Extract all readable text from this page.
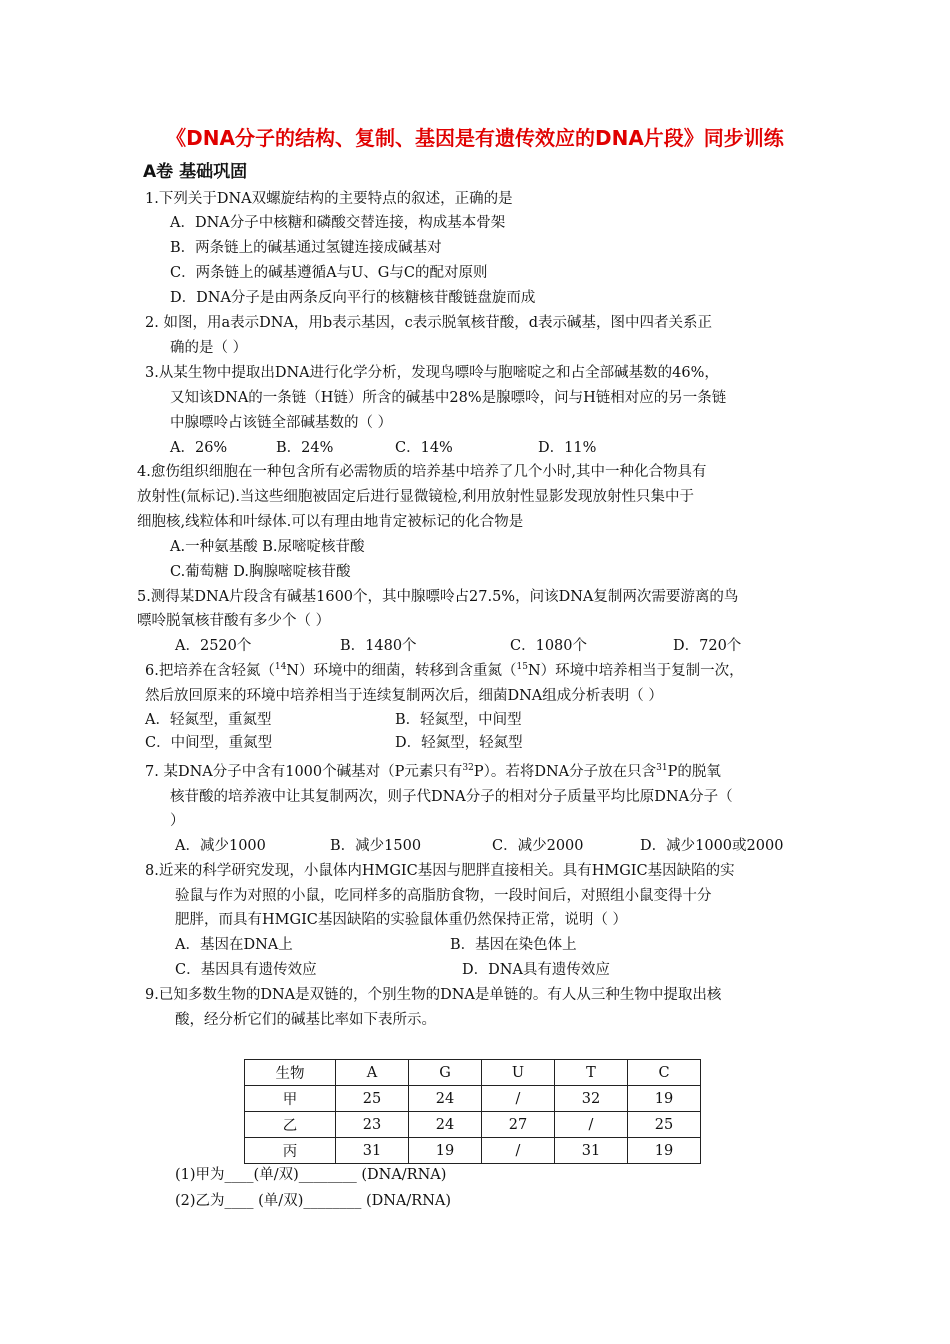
《DNA分子的结构、复制、基因是有遗传效应的DNA片段》同步训练
A卷 基础巩固
1.下列关于DNA双螺旋结构的主要特点的叙述，正确的是
A．DNA分子中核糖和磷酸交替连接，构成基本骨架
B．两条链上的碱基通过氢键连接成碱基对
C．两条链上的碱基遵循A与U、G与C的配对原则
D．DNA分子是由两条反向平行的核糖核苷酸链盘旋而成
2. 如图，用a表示DNA，用b表示基因，c表示脱氧核苷酸，d表示碱基，图中四者关系正
确的是（ ）
3.从某生物中提取出DNA进行化学分析，发现鸟嘌呤与胞嘧啶之和占全部碱基数的46%，
又知该DNA的一条链（H链）所含的碱基中28%是腺嘌呤，问与H链相对应的另一条链
中腺嘌呤占该链全部碱基数的（ ）
A．26%	B．24%	C．14%	D．11%
4.愈伤组织细胞在一种包含所有必需物质的培养基中培养了几个小时,其中一种化合物具有
放射性(氚标记).当这些细胞被固定后进行显微镜检,利用放射性显影发现放射性只集中于
细胞核,线粒体和叶绿体.可以有理由地肯定被标记的化合物是
A.一种氨基酸 B.尿嘧啶核苷酸
C.葡萄糖 D.胸腺嘧啶核苷酸
5.测得某DNA片段含有碱基1600个，其中腺嘌呤占27.5%，问该DNA复制两次需要游离的鸟
嘌呤脱氧核苷酸有多少个（ ）
A．2520个	B．1480个	C．1080个	D．720个
6.把培养在含轻氮（$^{14}$N）环境中的细菌，转移到含重氮（$^{15}$N）环境中培养相当于复制一次，
然后放回原来的环境中培养相当于连续复制两次后，细菌DNA组成分析表明（ ）
A．轻氮型，重氮型	B．轻氮型，中间型
C．中间型，重氮型	D．轻氮型，轻氮型
7. 某DNA分子中含有1000个碱基对（P元素只有$^{32}$P）。若将DNA分子放在只含$^{31}$P的脱氧
核苷酸的培养液中让其复制两次，则子代DNA分子的相对分子质量平均比原DNA分子（
）
A．减少1000	B．减少1500	C．减少2000	D．减少1000或2000
8.近来的科学研究发现，小鼠体内HMGIC基因与肥胖直接相关。具有HMGIC基因缺陷的实
验鼠与作为对照的小鼠，吃同样多的高脂肪食物，一段时间后，对照组小鼠变得十分
肥胖，而具有HMGIC基因缺陷的实验鼠体重仍然保持正常，说明（ ）
A．基因在DNA上	B．基因在染色体上
C．基因具有遗传效应	D．DNA具有遗传效应
9.已知多数生物的DNA是双链的，个别生物的DNA是单链的。有人从三种生物中提取出核
酸，经分析它们的碱基比率如下表所示。
生物	A	G	U	T	C
甲	25	24	/	32	19
乙	23	24	27	/	25
丙	31	19	/	31	19
(1)甲为____(单/双)________ (DNA/RNA)
(2)乙为____ (单/双)________ (DNA/RNA)
